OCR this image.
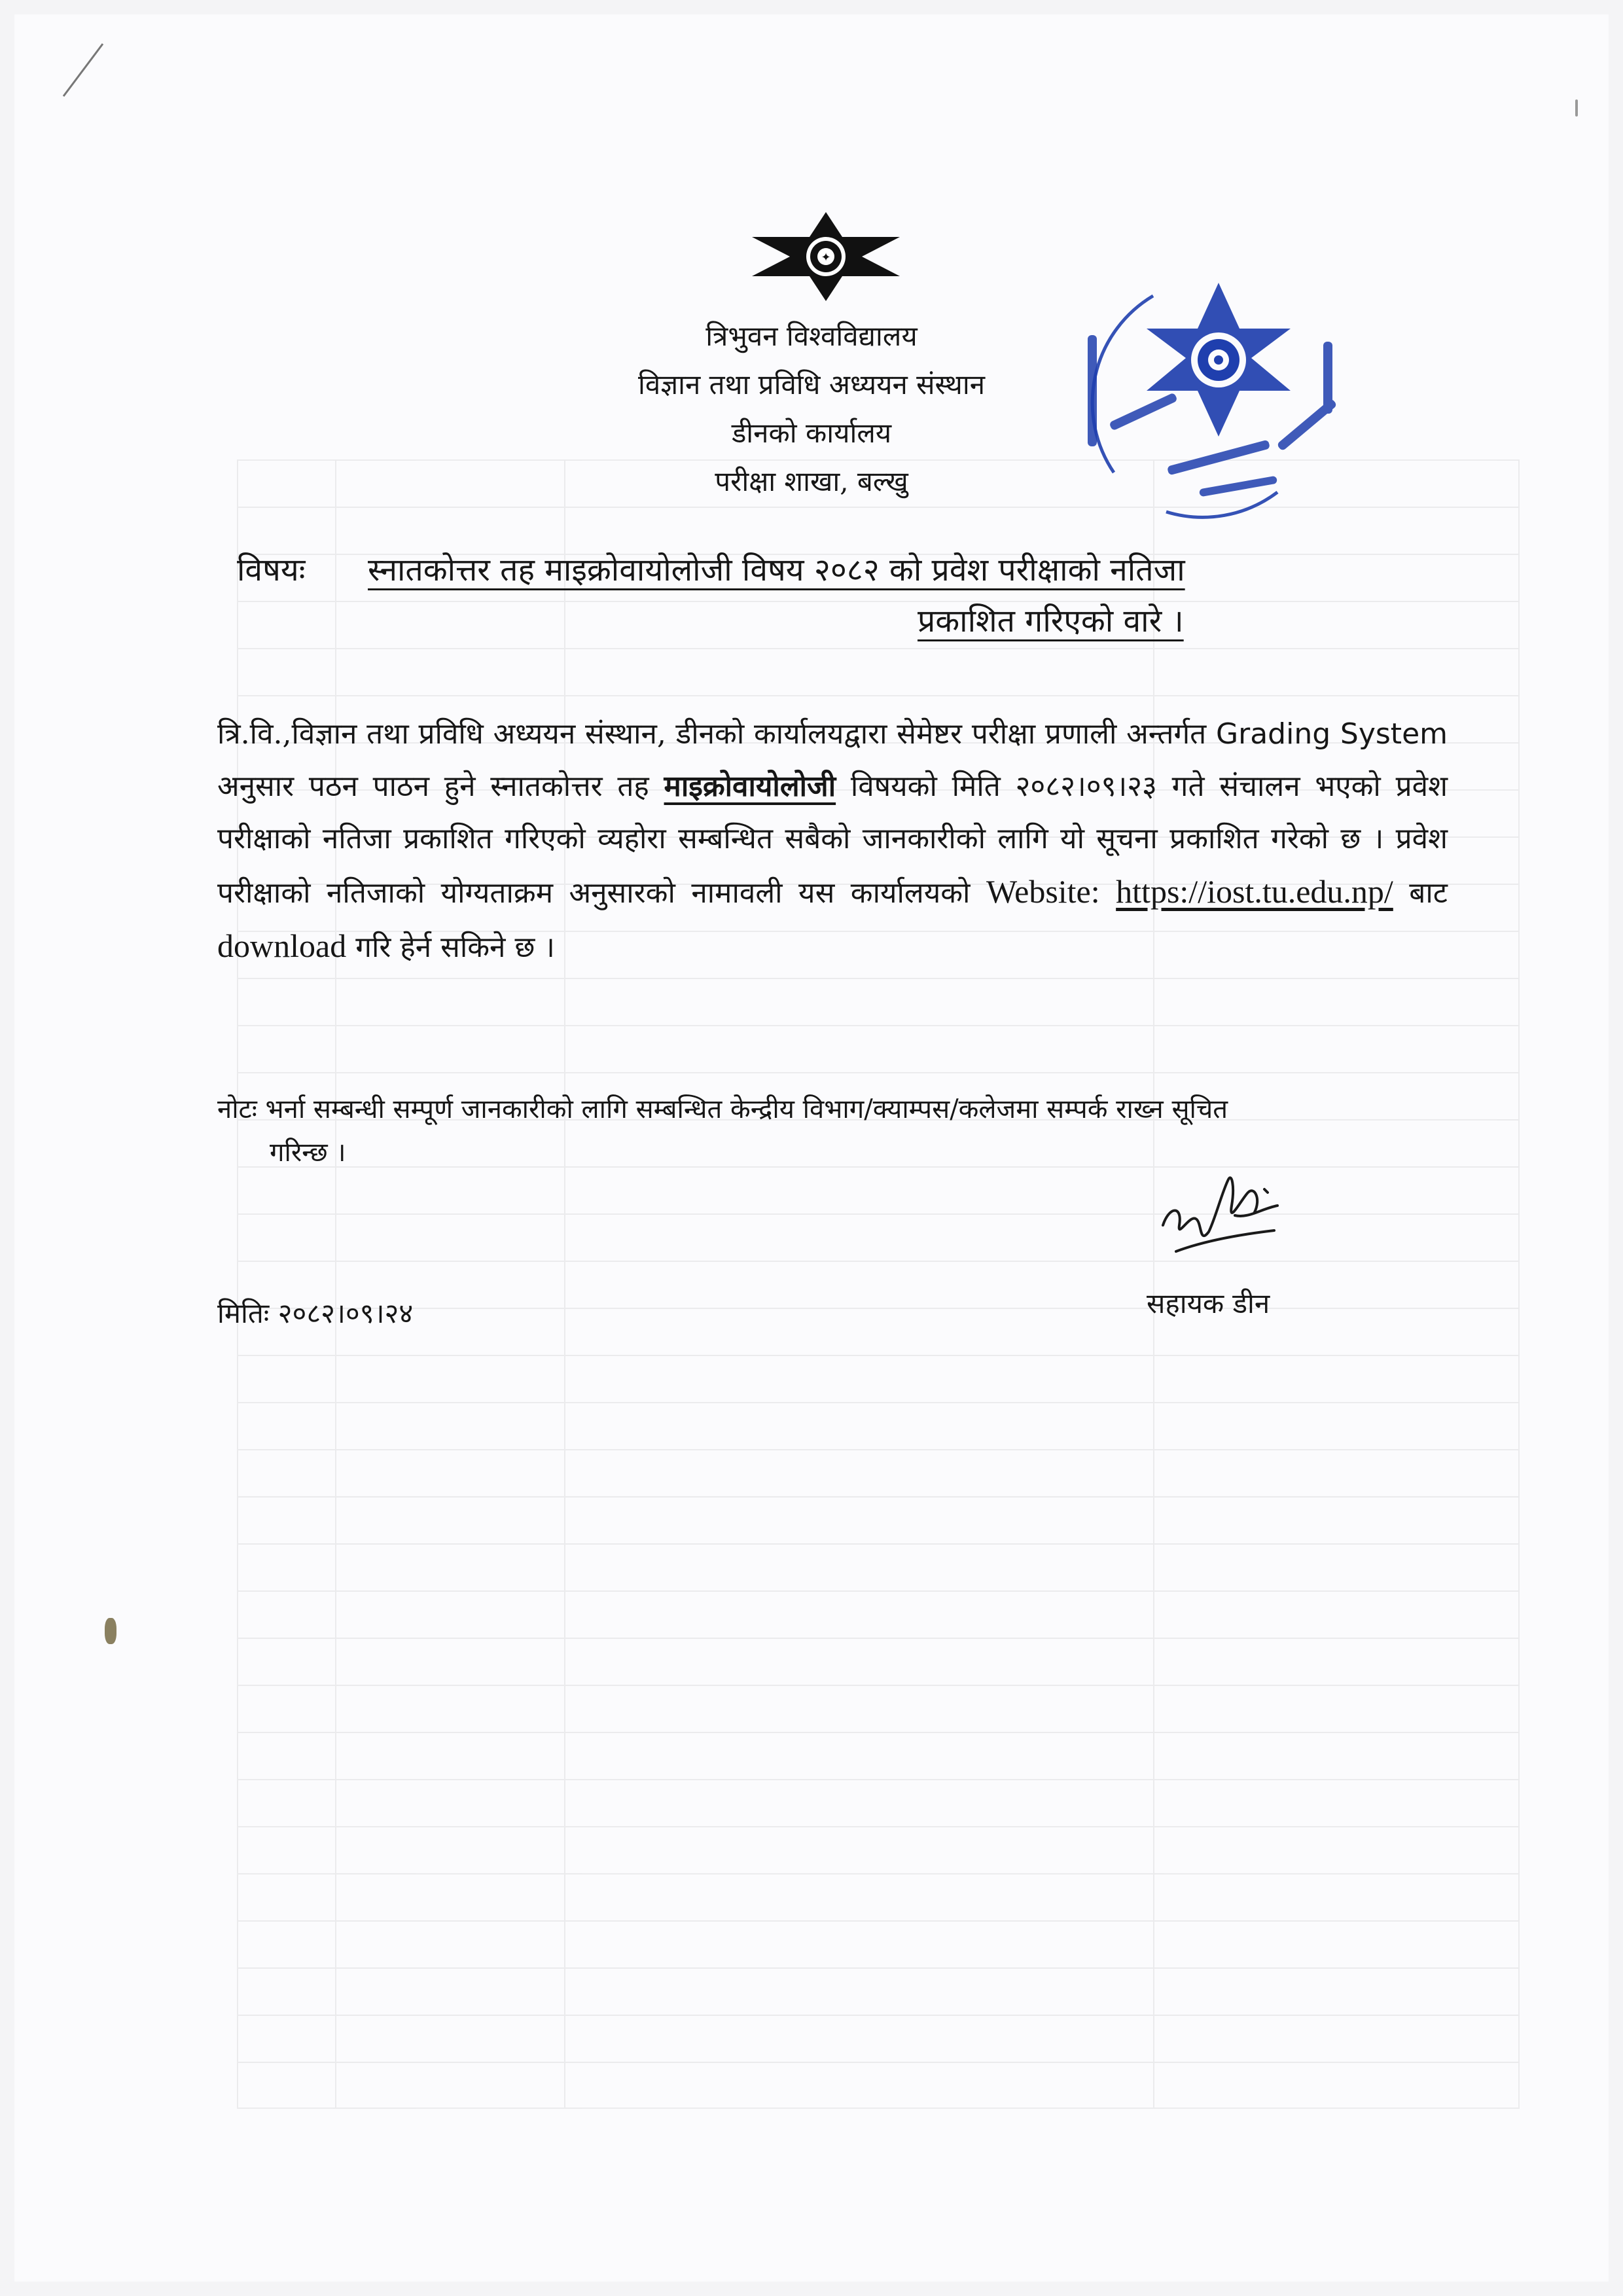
✦
त्रिभुवन विश्वविद्यालय
विज्ञान तथा प्रविधि अध्ययन संस्थान
डीनको कार्यालय
परीक्षा शाखा, बल्खु
विषयः स्नातकोत्तर तह माइक्रोवायोलोजी विषय २०८२ को प्रवेश परीक्षाको नतिजा
प्रकाशित गरिएको वारे ।
त्रि.वि.,विज्ञान तथा प्रविधि अध्ययन संस्थान, डीनको कार्यालयद्वारा सेमेष्टर परीक्षा प्रणाली अन्तर्गत Grading System अनुसार पठन पाठन हुने स्नातकोत्तर तह माइक्रोवायोलोजी विषयको मिति २०८२।०९।२३ गते संचालन भएको प्रवेश परीक्षाको नतिजा प्रकाशित गरिएको व्यहोरा सम्बन्धित सबैको जानकारीको लागि यो सूचना प्रकाशित गरेको छ । प्रवेश परीक्षाको नतिजाको योग्यताक्रम अनुसारको नामावली यस कार्यालयको Website: https://iost.tu.edu.np/ बाट download गरि हेर्न सकिने छ ।
नोटः भर्ना सम्बन्धी सम्पूर्ण जानकारीको लागि सम्बन्धित केन्द्रीय विभाग/क्याम्पस/कलेजमा सम्पर्क राख्न सूचित
गरिन्छ ।
सहायक डीन
मितिः २०८२।०९।२४
